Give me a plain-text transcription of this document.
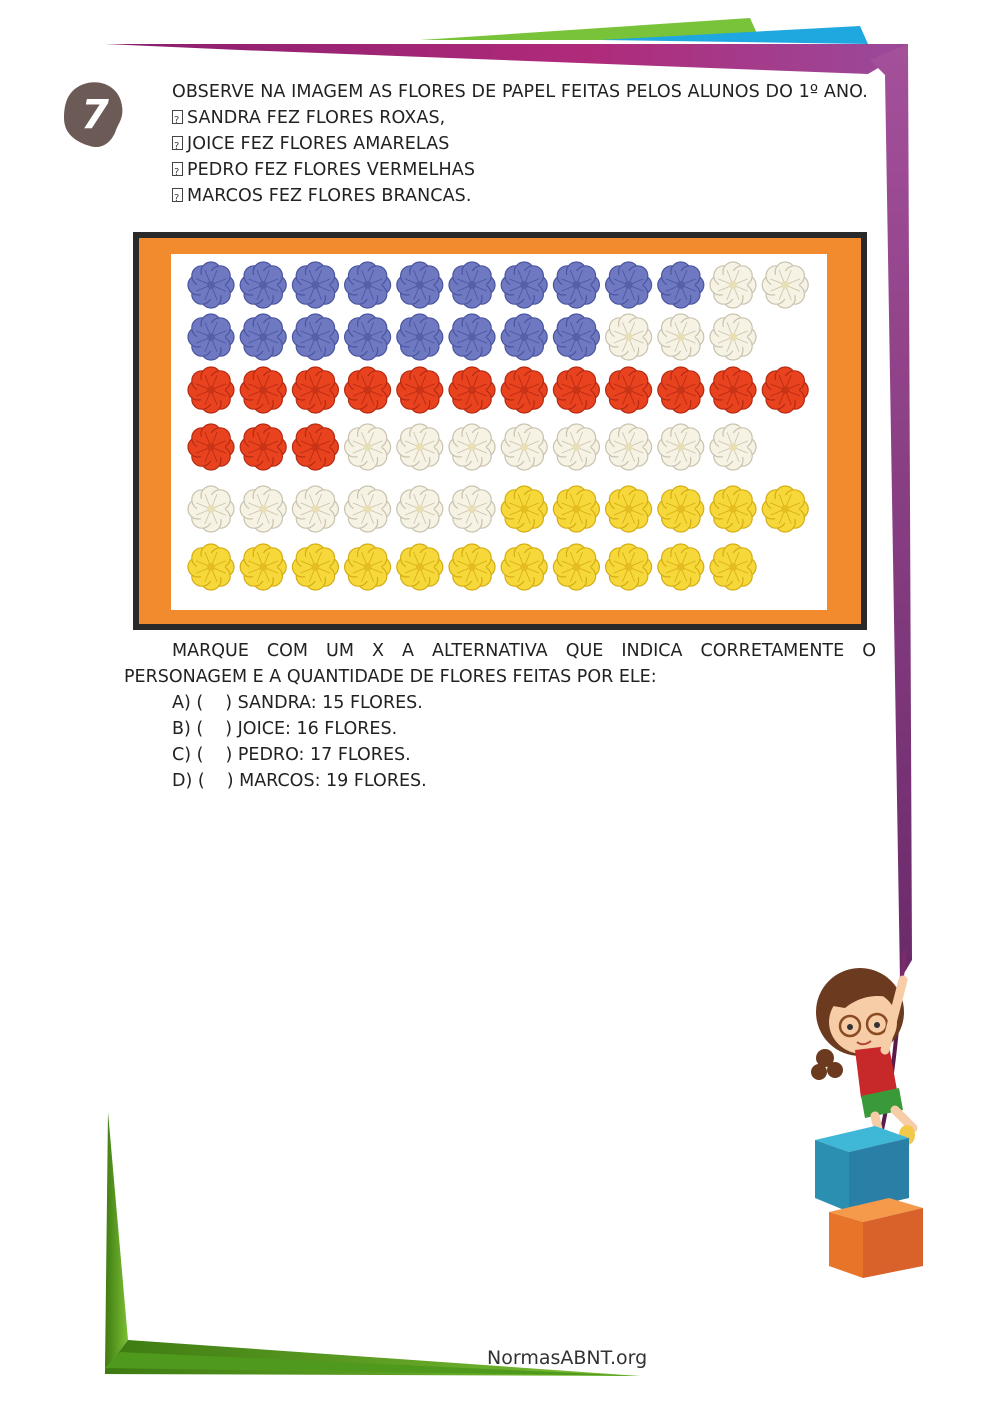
7	OBSERVE NA IMAGEM AS FLORES DE PAPEL FEITAS PELOS ALUNOS DO 1º ANO.
?SANDRA FEZ FLORES ROXAS,
?JOICE FEZ FLORES AMARELAS
?PEDRO FEZ FLORES VERMELHAS
?MARCOS FEZ FLORES BRANCAS.
MARQUE COM UM X A ALTERNATIVA QUE INDICA CORRETAMENTE O
PERSONAGEM E A QUANTIDADE DE FLORES FEITAS POR ELE:
A) ( ) SANDRA: 15 FLORES.
B) ( ) JOICE: 16 FLORES.
C) ( ) PEDRO: 17 FLORES.
D) ( ) MARCOS: 19 FLORES.
NormasABNT.org
